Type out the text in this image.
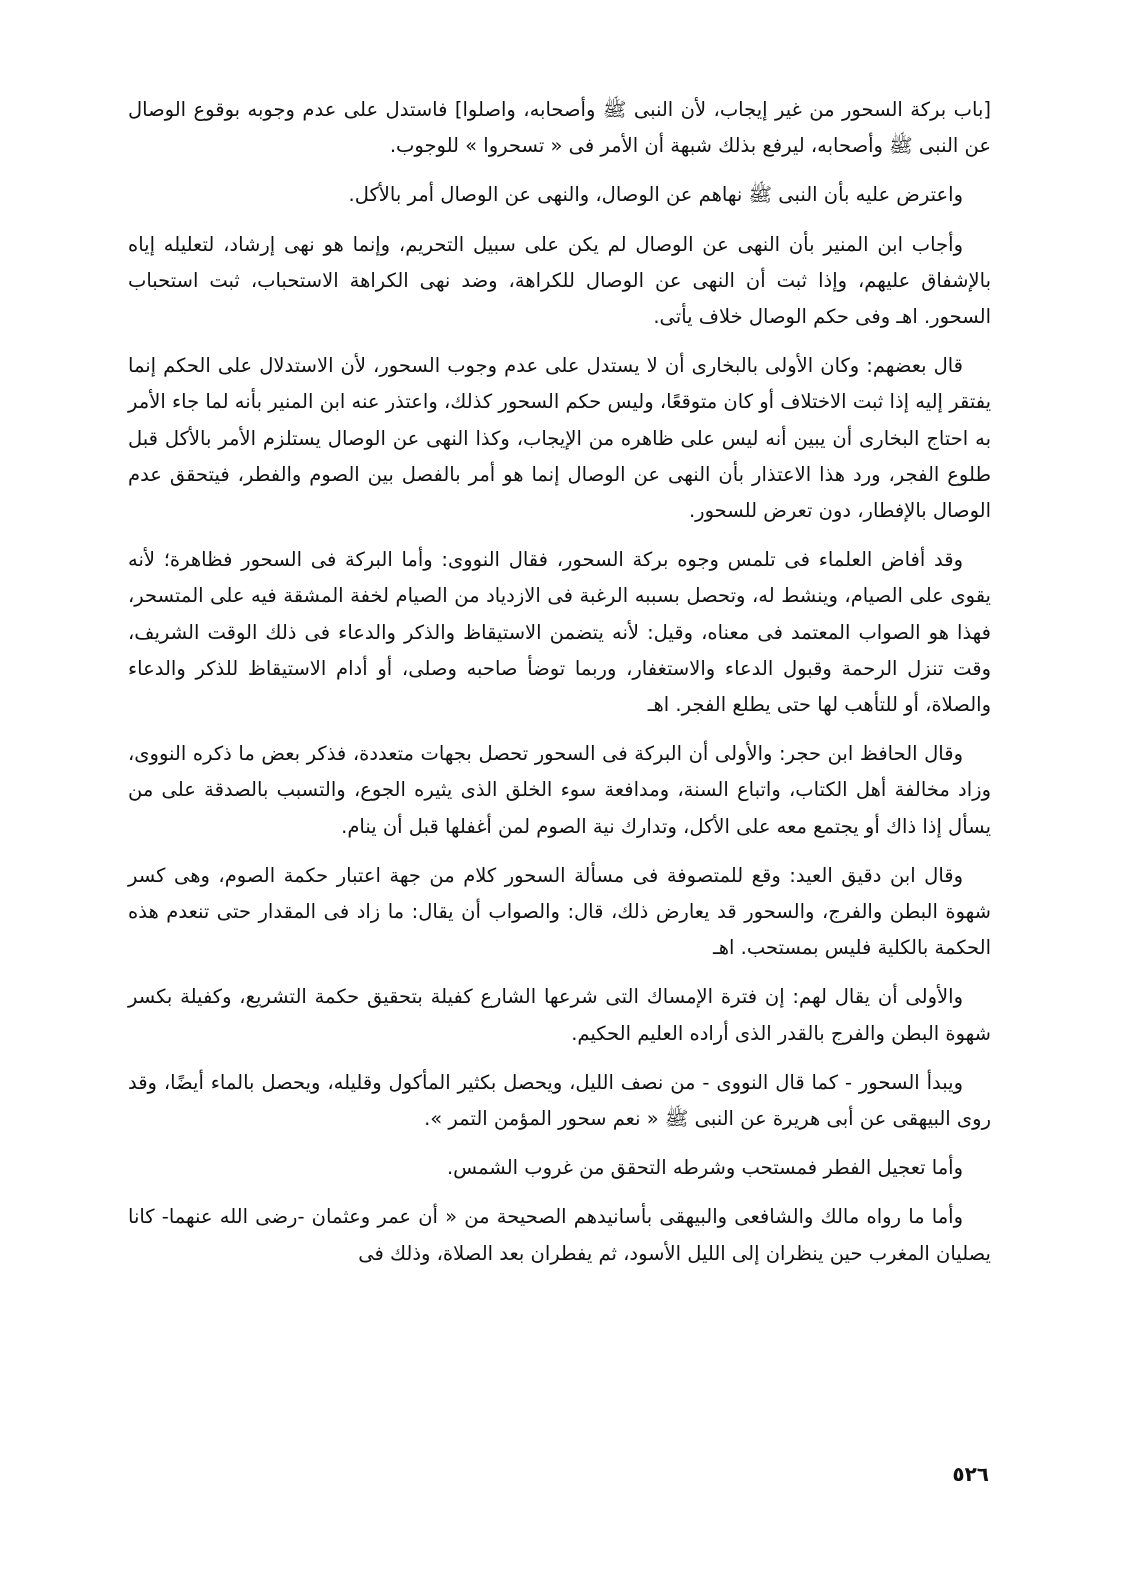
[باب بركة السحور من غير إيجاب، لأن النبى ﷺ وأصحابه، واصلوا] فاستدل على عدم وجوبه بوقوع الوصال عن النبى ﷺ وأصحابه، ليرفع بذلك شبهة أن الأمر فى « تسحروا » للوجوب.

واعترض عليه بأن النبى ﷺ نهاهم عن الوصال، والنهى عن الوصال أمر بالأكل.

وأجاب ابن المنير بأن النهى عن الوصال لم يكن على سبيل التحريم، وإنما هو نهى إرشاد، لتعليله إياه بالإشفاق عليهم، وإذا ثبت أن النهى عن الوصال للكراهة، وضد نهى الكراهة الاستحباب، ثبت استحباب السحور. اهـ وفى حكم الوصال خلاف يأتى.

قال بعضهم: وكان الأولى بالبخارى أن لا يستدل على عدم وجوب السحور، لأن الاستدلال على الحكم إنما يفتقر إليه إذا ثبت الاختلاف أو كان متوقعًا، وليس حكم السحور كذلك، واعتذر عنه ابن المنير بأنه لما جاء الأمر به احتاج البخارى أن يبين أنه ليس على ظاهره من الإيجاب، وكذا النهى عن الوصال يستلزم الأمر بالأكل قبل طلوع الفجر، ورد هذا الاعتذار بأن النهى عن الوصال إنما هو أمر بالفصل بين الصوم والفطر، فيتحقق عدم الوصال بالإفطار، دون تعرض للسحور.

وقد أفاض العلماء فى تلمس وجوه بركة السحور، فقال النووى: وأما البركة فى السحور فظاهرة؛ لأنه يقوى على الصيام، وينشط له، وتحصل بسببه الرغبة فى الازدياد من الصيام لخفة المشقة فيه على المتسحر، فهذا هو الصواب المعتمد فى معناه، وقيل: لأنه يتضمن الاستيقاظ والذكر والدعاء فى ذلك الوقت الشريف، وقت تنزل الرحمة وقبول الدعاء والاستغفار، وربما توضأ صاحبه وصلى، أو أدام الاستيقاظ للذكر والدعاء والصلاة، أو للتأهب لها حتى يطلع الفجر. اهـ

وقال الحافظ ابن حجر: والأولى أن البركة فى السحور تحصل بجهات متعددة، فذكر بعض ما ذكره النووى، وزاد مخالفة أهل الكتاب، واتباع السنة، ومدافعة سوء الخلق الذى يثيره الجوع، والتسبب بالصدقة على من يسأل إذا ذاك أو يجتمع معه على الأكل، وتدارك نية الصوم لمن أغفلها قبل أن ينام.

وقال ابن دقيق العيد: وقع للمتصوفة فى مسألة السحور كلام من جهة اعتبار حكمة الصوم، وهى كسر شهوة البطن والفرج، والسحور قد يعارض ذلك، قال: والصواب أن يقال: ما زاد فى المقدار حتى تنعدم هذه الحكمة بالكلية فليس بمستحب. اهـ

والأولى أن يقال لهم: إن فترة الإمساك التى شرعها الشارع كفيلة بتحقيق حكمة التشريع، وكفيلة بكسر شهوة البطن والفرج بالقدر الذى أراده العليم الحكيم.

ويبدأ السحور - كما قال النووى - من نصف الليل، ويحصل بكثير المأكول وقليله، ويحصل بالماء أيضًا، وقد روى البيهقى عن أبى هريرة عن النبى ﷺ « نعم سحور المؤمن التمر ».

وأما تعجيل الفطر فمستحب وشرطه التحقق من غروب الشمس.

وأما ما رواه مالك والشافعى والبيهقى بأسانيدهم الصحيحة من « أن عمر وعثمان -رضى الله عنهما- كانا يصليان المغرب حين ينظران إلى الليل الأسود، ثم يفطران بعد الصلاة، وذلك فى

٥٢٦
